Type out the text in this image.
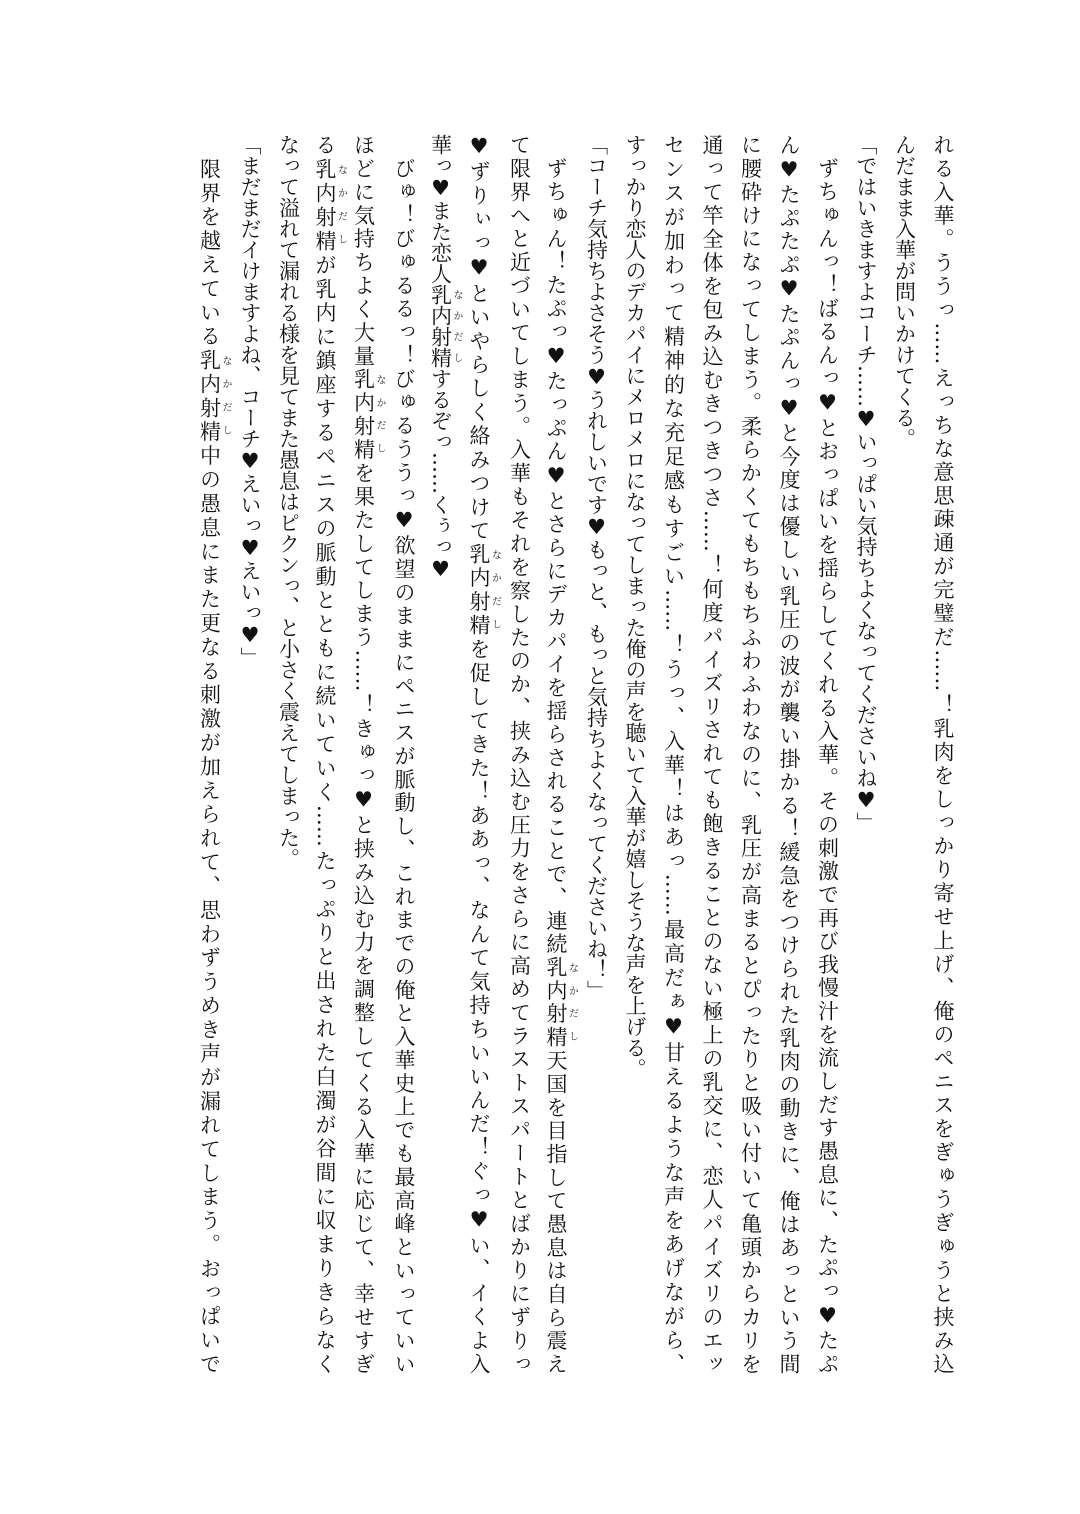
れる入華。ううっ……えっちな意思疎通が完璧だ……！乳肉をしっかり寄せ上げ、俺のペニスをぎゅうぎゅうと挟み込
んだまま入華が問いかけてくる。
「ではいきますよコーチ……♥いっぱい気持ちよくなってくださいね♥」
　ずちゅんっ！ばるんっ♥とおっぱいを揺らしてくれる入華。その刺激で再び我慢汁を流しだす愚息に、たぷっ♥たぷ
ん♥たぷたぷ♥たぷんっ♥と今度は優しい乳圧の波が襲い掛かる！緩急をつけられた乳肉の動きに、俺はあっという間
に腰砕けになってしまう。柔らかくてもちもちふわふわなのに、乳圧が高まるとぴったりと吸い付いて亀頭からカリを
通って竿全体を包み込むきつきつさ……！何度パイズリされても飽きることのない極上の乳交に、恋人パイズリのエッ
センスが加わって精神的な充足感もすごい……！うっ、入華！はあっ……最高だぁ♥甘えるような声をあげながら、
すっかり恋人のデカパイにメロメロになってしまった俺の声を聴いて入華が嬉しそうな声を上げる。
「コーチ気持ちよさそう♥うれしいです♥もっと、もっと気持ちよくなってくださいね！」
　ずちゅん！たぷっ♥たっぷん♥とさらにデカパイを揺らされることで、連続乳内射精なかだし天国を目指して愚息は自ら震え
て限界へと近づいてしまう。入華もそれを察したのか、挟み込む圧力をさらに高めてラストスパートとばかりにずりっ
♥ずりぃっ♥といやらしく絡みつけて乳内射精なかだしを促してきた！ああっ、なんて気持ちいいんだ！ぐっ♥い、イくよ入
華っ♥また恋人乳内射精なかだしするぞっ……くぅっ♥
　びゅ！びゅるるっ！びゅるううっ♥欲望のままにペニスが脈動し、これまでの俺と入華史上でも最高峰といっていい
ほどに気持ちよく大量乳内射精なかだしを果たしてしまう……！きゅっ♥と挟み込む力を調整してくる入華に応じて、幸せすぎ
る乳内射精なかだしが乳内に鎮座するペニスの脈動とともに続いていく……たっぷりと出された白濁が谷間に収まりきらなく
なって溢れて漏れる様を見てまた愚息はピクンっ、と小さく震えてしまった。
「まだまだイけますよね、コーチ♥えいっ♥えいっ♥」
　限界を越えている乳内射精なかだし中の愚息にまた更なる刺激が加えられて、思わずうめき声が漏れてしまう。おっぱいで
